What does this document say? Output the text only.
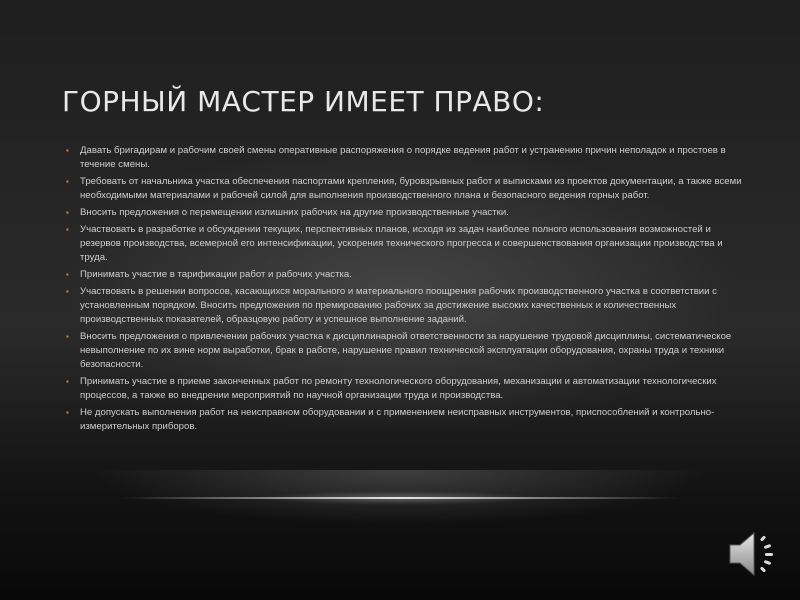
ГОРНЫЙ МАСТЕР ИМЕЕТ ПРАВО:
▪ Давать бригадирам и рабочим своей смены оперативные распоряжения о порядке ведения работ и устранению причин неполадок и простоев в течение смены.
▪ Требовать от начальника участка обеспечения паспортами крепления, буровзрывных работ и выписками из проектов документации, а также всеми необходимыми материалами и рабочей силой для выполнения производственного плана и безопасного ведения горных работ.
▪ Вносить предложения о перемещении излишних рабочих на другие производственные участки.
▪ Участвовать в разработке и обсуждении текущих, перспективных планов, исходя из задач наиболее полного использования возможностей и резервов производства, всемерной его интенсификации, ускорения технического прогресса и совершенствования организации производства и труда.
▪ Принимать участие в тарификации работ и рабочих участка.
▪ Участвовать в решении вопросов, касающихся морального и материального поощрения рабочих производственного участка в соответствии с установленным порядком. Вносить предложения по премированию рабочих за достижение высоких качественных и количественных производственных показателей, образцовую работу и успешное выполнение заданий.
▪ Вносить предложения о привлечении рабочих участка к дисциплинарной ответственности за нарушение трудовой дисциплины, систематическое невыполнение по их вине норм выработки, брак в работе, нарушение правил технической эксплуатации оборудования, охраны труда и техники безопасности.
▪ Принимать участие в приеме законченных работ по ремонту технологического оборудования, механизации и автоматизации технологических процессов, а также во внедрении мероприятий по научной организации труда и производства.
▪ Не допускать выполнения работ на неисправном оборудовании и с применением неисправных инструментов, приспособлений и контрольно-измерительных приборов.
